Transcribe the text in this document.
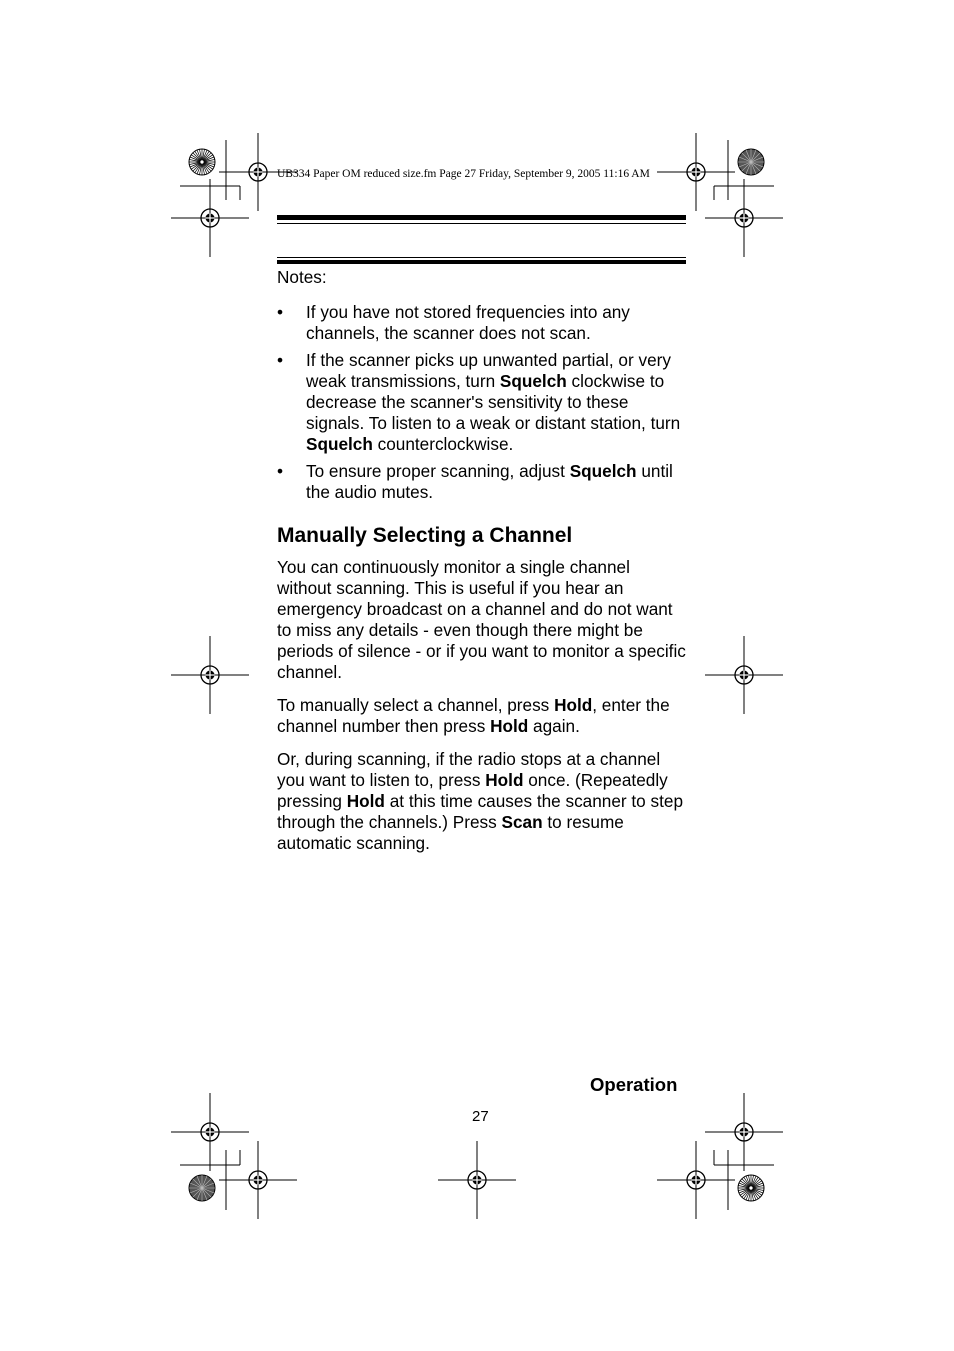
UB334 Paper OM reduced size.fm Page 27 Friday, September 9, 2005 11:16 AM
Notes:
• If you have not stored frequencies into any channels, the scanner does not scan.
• If the scanner picks up unwanted partial, or very weak transmissions, turn Squelch clockwise to decrease the scanner's sensitivity to these signals. To listen to a weak or distant station, turn Squelch counterclockwise.
• To ensure proper scanning, adjust Squelch until the audio mutes.
Manually Selecting a Channel

You can continuously monitor a single channel without scanning. This is useful if you hear an emergency broadcast on a channel and do not want to miss any details - even though there might be periods of silence - or if you want to monitor a specific channel.

To manually select a channel, press Hold, enter the channel number then press Hold again.

Or, during scanning, if the radio stops at a channel you want to listen to, press Hold once. (Repeatedly pressing Hold at this time causes the scanner to step through the channels.) Press Scan to resume automatic scanning.

Operation
27
